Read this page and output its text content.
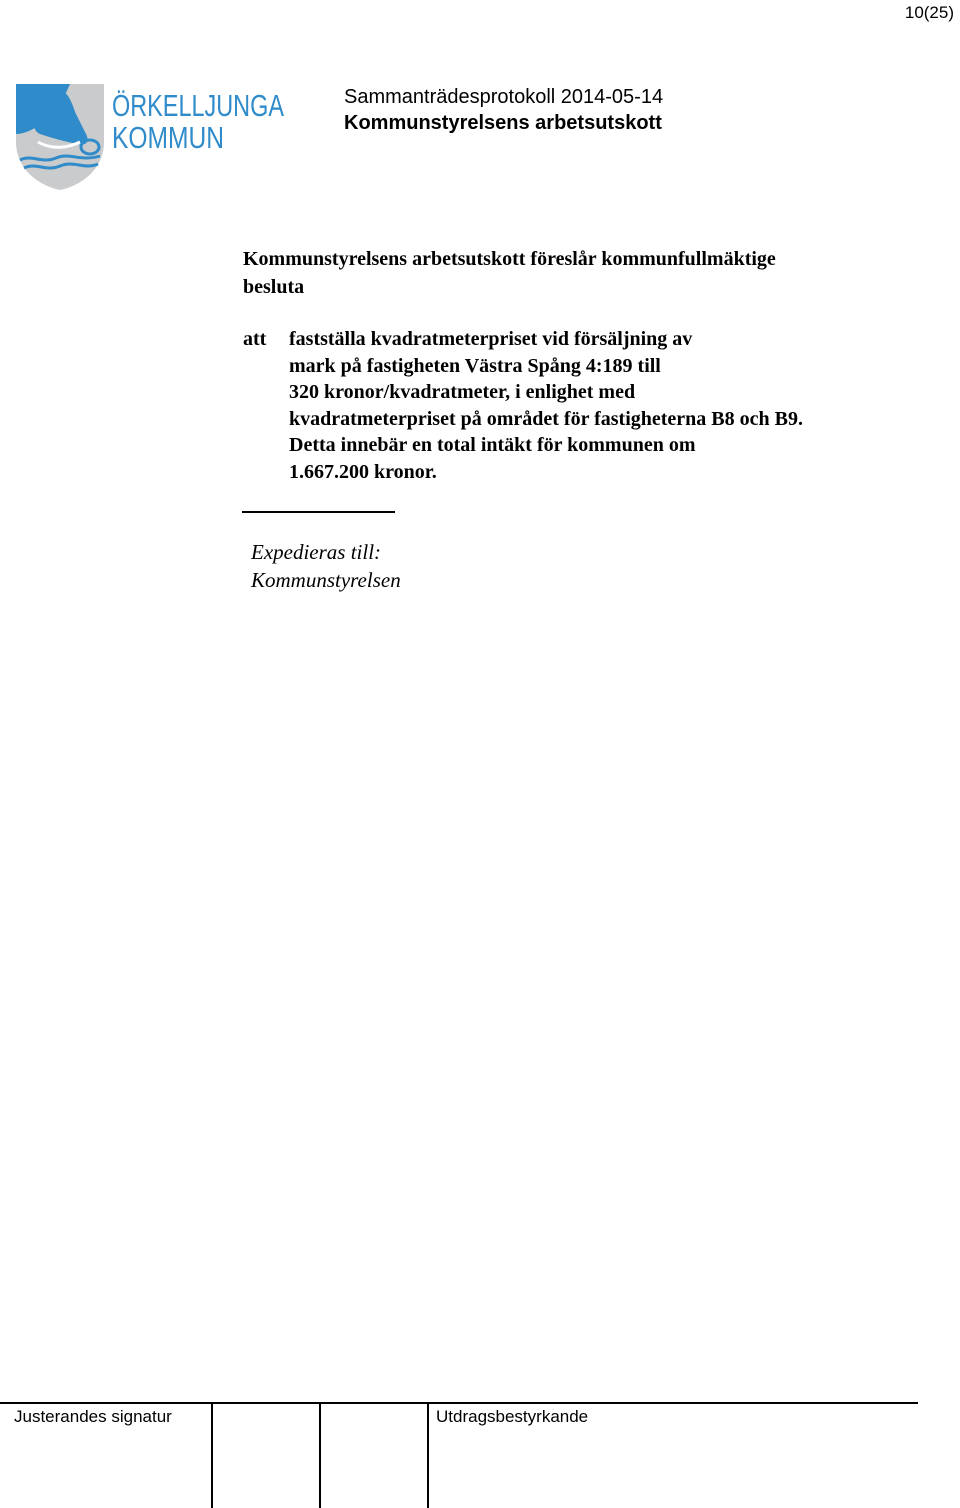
10(25)
ÖRKELLJUNGA
KOMMUN
Sammanträdesprotokoll 2014-05-14
Kommunstyrelsens arbetsutskott
Kommunstyrelsens arbetsutskott föreslår kommunfullmäktige
besluta
att fastställa kvadratmeterpriset vid försäljning av
mark på fastigheten Västra Spång 4:189 till
320 kronor/kvadratmeter, i enlighet med
kvadratmeterpriset på området för fastigheterna B8 och B9.
Detta innebär en total intäkt för kommunen om
1.667.200 kronor.
Expedieras till:
Kommunstyrelsen
Justerandes signatur	Utdragsbestyrkande
